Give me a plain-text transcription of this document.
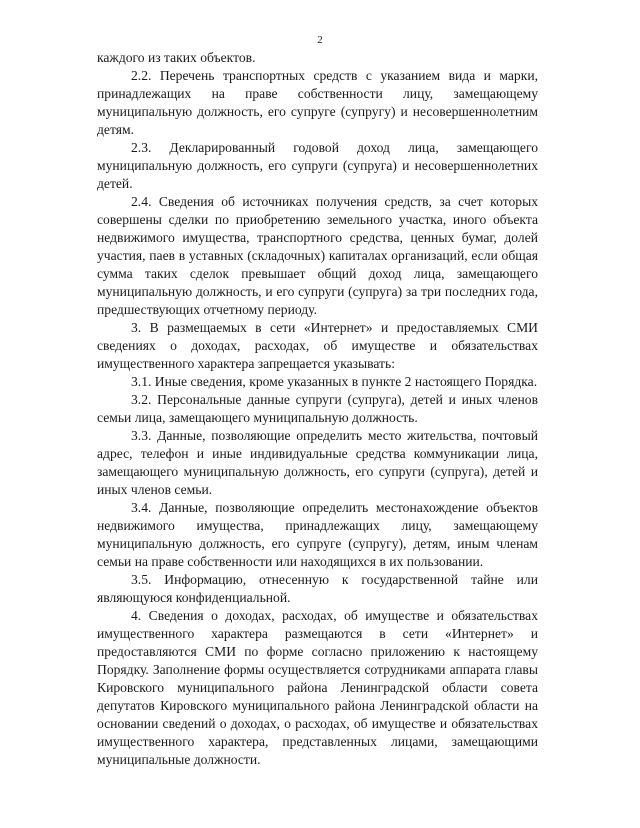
2

каждого из таких объектов.

2.2. Перечень транспортных средств с указанием вида и марки, принадлежащих на праве собственности лицу, замещающему муниципальную должность, его супруге (супругу) и несовершеннолетним детям.

2.3. Декларированный годовой доход лица, замещающего муниципальную должность, его супруги (супруга) и несовершеннолетних детей.

2.4. Сведения об источниках получения средств, за счет которых совершены сделки по приобретению земельного участка, иного объекта недвижимого имущества, транспортного средства, ценных бумаг, долей участия, паев в уставных (складочных) капиталах организаций, если общая сумма таких сделок превышает общий доход лица, замещающего муниципальную должность, и его супруги (супруга) за три последних года, предшествующих отчетному периоду.

3. В размещаемых в сети «Интернет» и предоставляемых СМИ сведениях о доходах, расходах, об имуществе и обязательствах имущественного характера запрещается указывать:

3.1. Иные сведения, кроме указанных в пункте 2 настоящего Порядка.

3.2. Персональные данные супруги (супруга), детей и иных членов семьи лица, замещающего муниципальную должность.

3.3. Данные, позволяющие определить место жительства, почтовый адрес, телефон и иные индивидуальные средства коммуникации лица, замещающего муниципальную должность, его супруги (супруга), детей и иных членов семьи.

3.4. Данные, позволяющие определить местонахождение объектов недвижимого имущества, принадлежащих лицу, замещающему муниципальную должность, его супруге (супругу), детям, иным членам семьи на праве собственности или находящихся в их пользовании.

3.5. Информацию, отнесенную к государственной тайне или являющуюся конфиденциальной.

4. Сведения о доходах, расходах, об имуществе и обязательствах имущественного характера размещаются в сети «Интернет» и предоставляются СМИ по форме согласно приложению к настоящему Порядку. Заполнение формы осуществляется сотрудниками аппарата главы Кировского муниципального района Ленинградской области совета депутатов Кировского муниципального района Ленинградской области на основании сведений о доходах, о расходах, об имуществе и обязательствах имущественного характера, представленных лицами, замещающими муниципальные должности.
